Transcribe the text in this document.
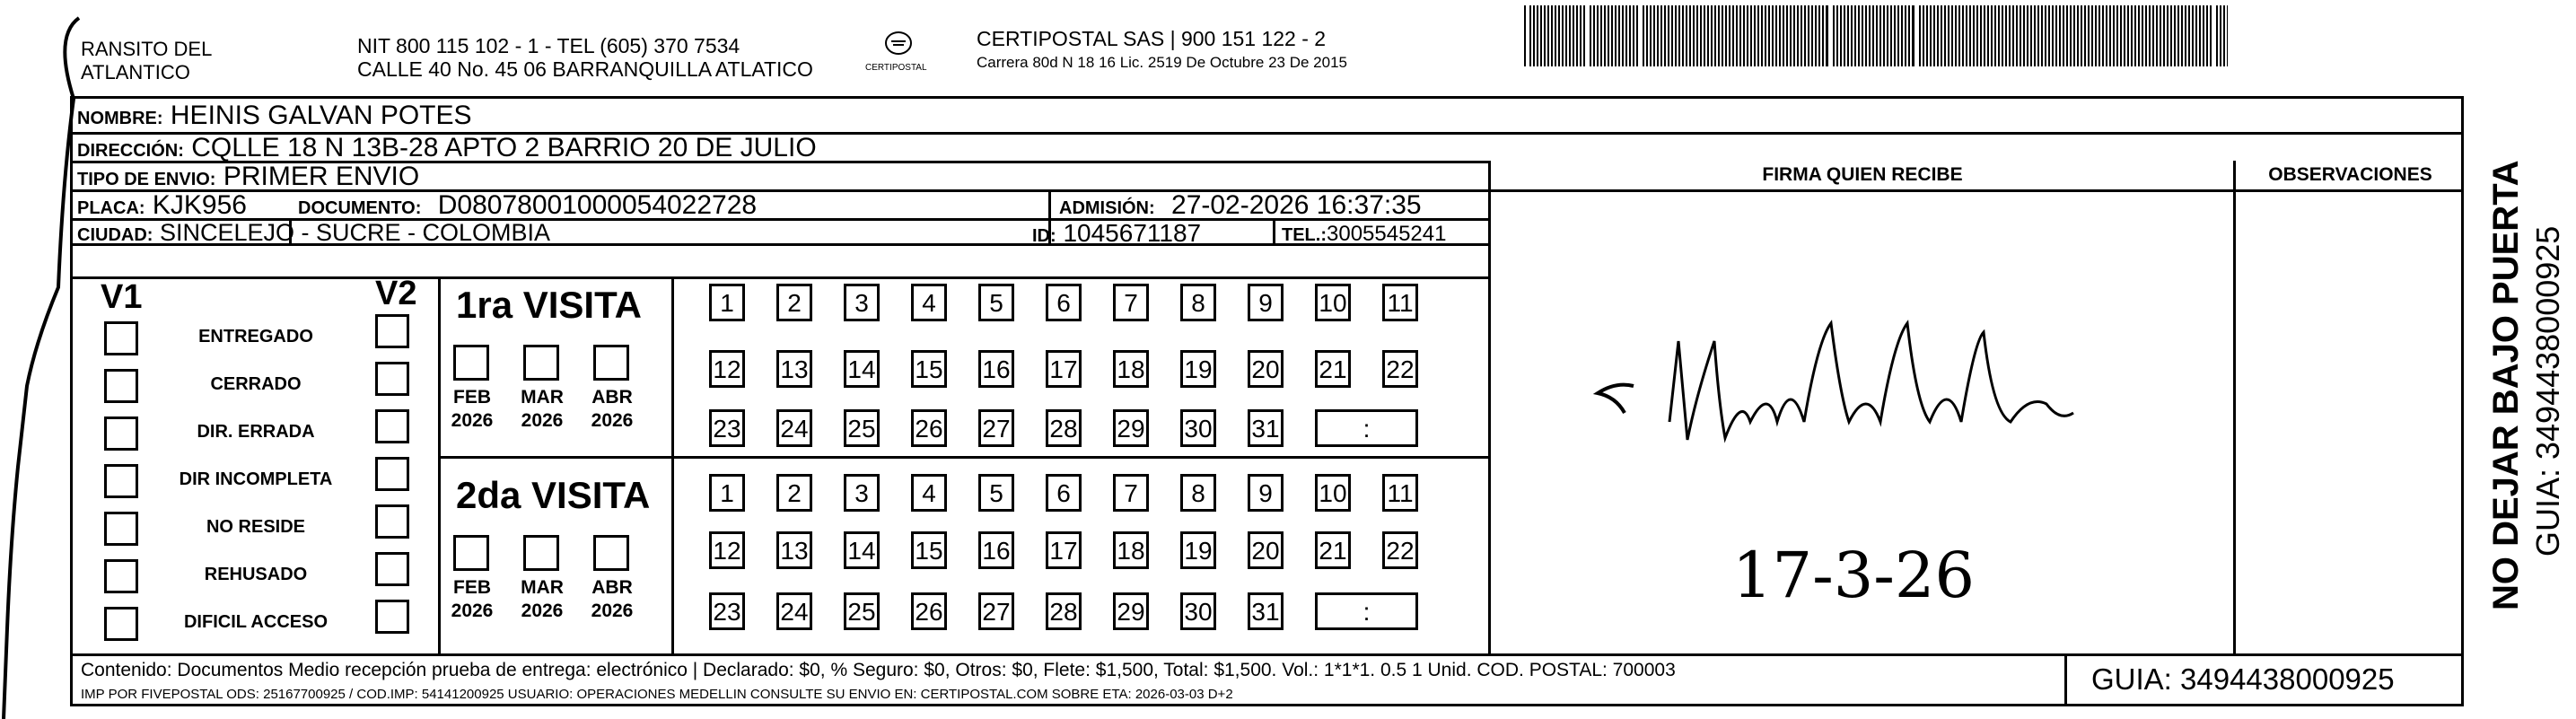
RANSITO DEL
ATLANTICO
NIT 800 115 102 - 1 - TEL (605) 370 7534
CALLE 40 No. 45 06 BARRANQUILLA ATLATICO	CERTIPOSTAL
CERTIPOSTAL SAS | 900 151 122 - 2
Carrera 80d N 18 16 Lic. 2519 De Octubre 23 De 2015
NOMBRE: HEINIS GALVAN POTES
DIRECCIÓN: CQLLE 18 N 13B-28 APTO 2 BARRIO 20 DE JULIO
TIPO DE ENVIO: PRIMER ENVIO
PLACA: KJK956	DOCUMENTO: D08078001000054022728	ADMISIÓN: 27-02-2026 16:37:35
CIUDAD: SINCELEJO - SUCRE - COLOMBIA	ID: 1045671187	TEL.:3005545241
FIRMA QUIEN RECIBE	OBSERVACIONES
V1	V2
ENTREGADO
CERRADO
DIR. ERRADA
DIR INCOMPLETA
NO RESIDE
REHUSADO
DIFICIL ACCESO
1ra VISITA
2da VISITA
FEB
2026
MAR
2026
ABR
2026
FEB
2026
MAR
2026
ABR
2026
1	2	3	4	5	6	7	8	9	10 11
12 13 14 15 16 17 18 19 20 21 22
23 24 25 26 27 28 29 30 31	:
1	2	3	4	5	6	7	8	9	10 11
12 13 14 15 16 17 18 19 20 21 22
23 24 25 26 27 28 29 30 31	:	17-3-26	NO DEJAR BAJO PUERTA GUIA: 3494438000925
Contenido: Documentos Medio recepción prueba de entrega: electrónico | Declarado: $0, % Seguro: $0, Otros: $0, Flete: $1,500, Total: $1,500. Vol.: 1*1*1. 0.5 1 Unid. COD. POSTAL: 700003
IMP POR FIVEPOSTAL ODS: 25167700925 / COD.IMP: 54141200925 USUARIO: OPERACIONES MEDELLIN CONSULTE SU ENVIO EN: CERTIPOSTAL.COM SOBRE ETA: 2026-03-03 D+2	GUIA: 3494438000925
